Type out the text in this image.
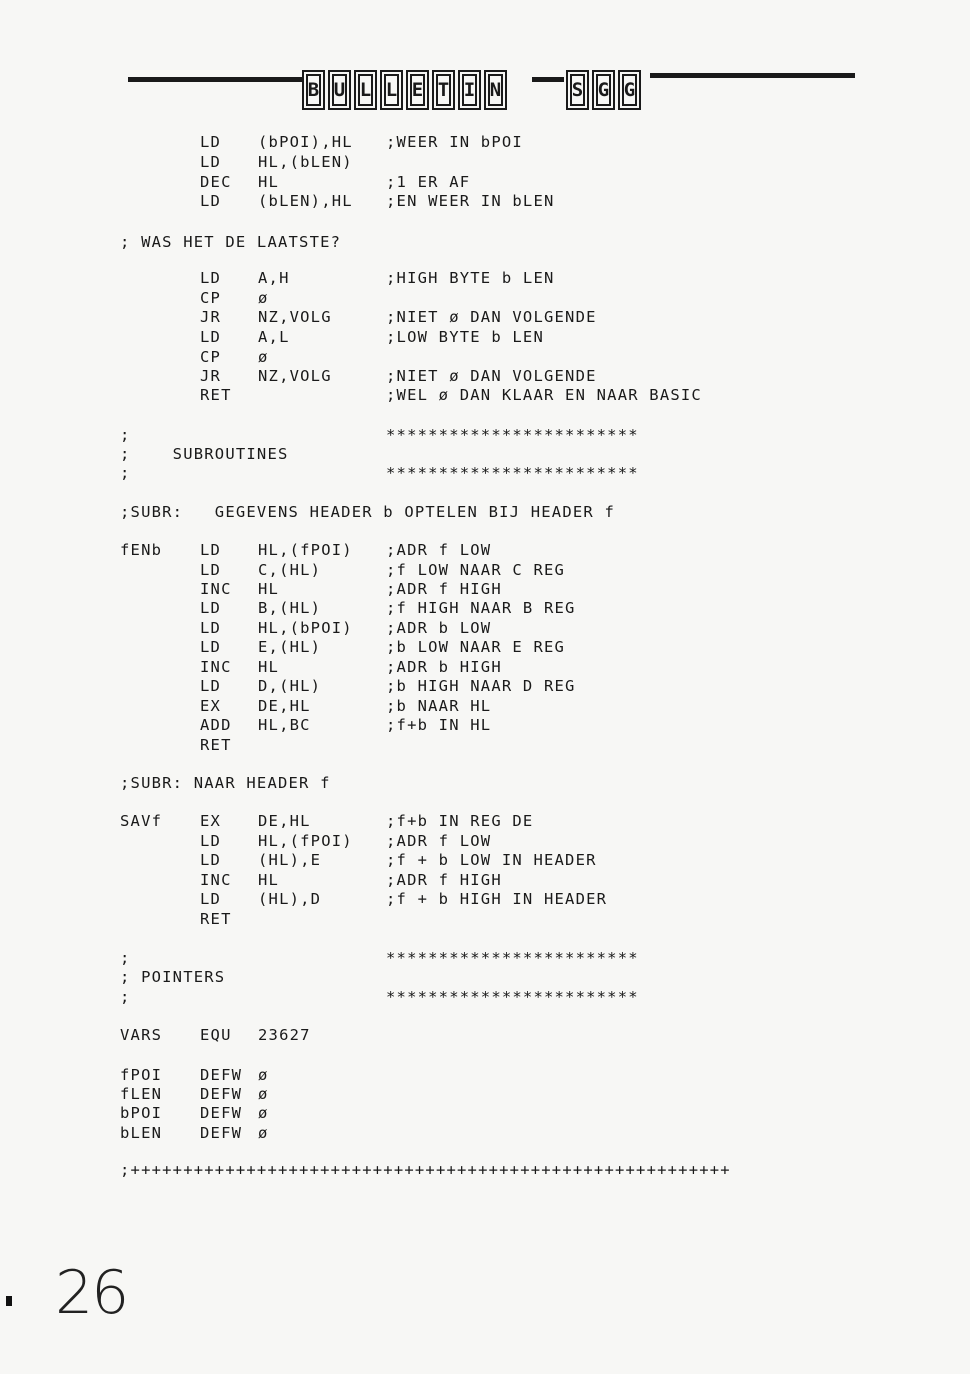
B U L L E T I N	S G G
LD (bPOI),HL ;WEER IN bPOI
LD HL,(bLEN)
DEC HL	;1 ER AF
LD (bLEN),HL ;EN WEER IN bLEN
; WAS HET DE LAATSTE?
LD A,H	;HIGH BYTE b LEN
CP ø
JR NZ,VOLG	;NIET ø DAN VOLGENDE
LD A,L	;LOW BYTE b LEN
CP ø
JR NZ,VOLG	;NIET ø DAN VOLGENDE
RET	;WEL ø DAN KLAAR EN NAAR BASIC
;	************************
;    SUBROUTINES
;	************************
;SUBR:   GEGEVENS HEADER b OPTELEN BIJ HEADER f
fENb LD HL,(fPOI) ;ADR f LOW
LD C,(HL)	;f LOW NAAR C REG
INC HL	;ADR f HIGH
LD B,(HL)	;f HIGH NAAR B REG
LD HL,(bPOI) ;ADR b LOW
LD E,(HL)	;b LOW NAAR E REG
INC HL	;ADR b HIGH
LD D,(HL)	;b HIGH NAAR D REG
EX DE,HL	;b NAAR HL
ADD HL,BC	;f+b IN HL
RET
;SUBR: NAAR HEADER f
SAVf EX DE,HL	;f+b IN REG DE
LD HL,(fPOI) ;ADR f LOW
LD (HL),E	;f + b LOW IN HEADER
INC HL	;ADR f HIGH
LD (HL),D	;f + b HIGH IN HEADER
RET
;	************************
; POINTERS
;	************************
VARS EQU 23627
fPOI DEFW ø
fLEN DEFW ø
bPOI DEFW ø
bLEN DEFW ø
;+++++++++++++++++++++++++++++++++++++++++++++++++++++++++
26
